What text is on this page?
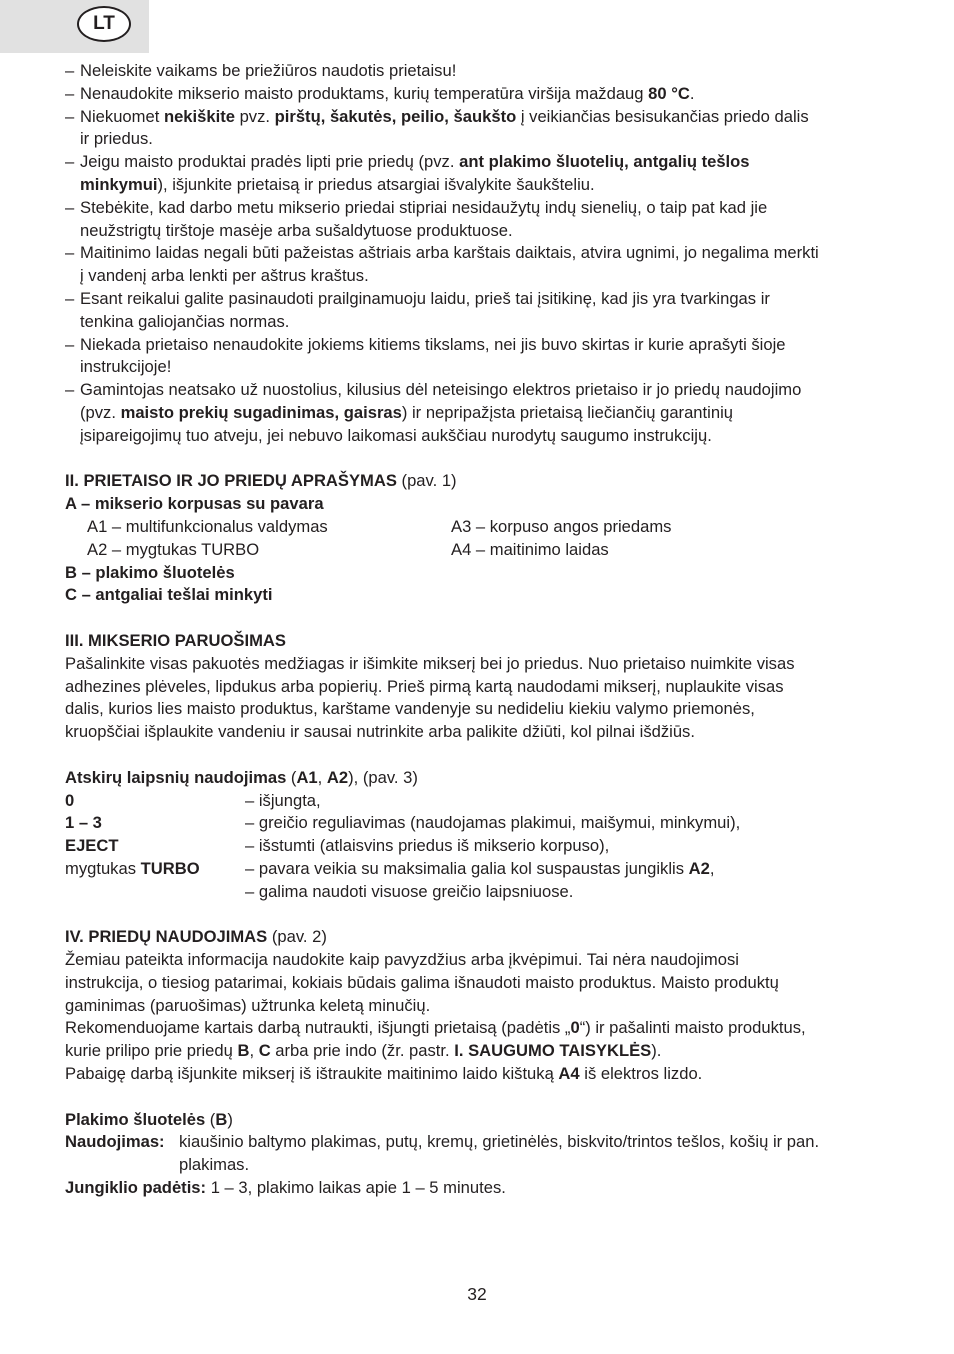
LT
– Neleiskite vaikams be priežiūros naudotis prietaisu!
– Nenaudokite mikserio maisto produktams, kurių temperatūra viršija maždaug 80 °C.
– Niekuomet nekiškite pvz. pirštų, šakutės, peilio, šaukšto į veikiančias besisukančias priedo dalis
ir priedus.
– Jeigu maisto produktai pradės lipti prie priedų (pvz. ant plakimo šluotelių, antgalių tešlos
minkymui), išjunkite prietaisą ir priedus atsargiai išvalykite šaukšteliu.
– Stebėkite, kad darbo metu mikserio priedai stipriai nesidaužytų indų sienelių, o taip pat kad jie
neužstrigtų tirštoje masėje arba sušaldytuose produktuose.
– Maitinimo laidas negali būti pažeistas aštriais arba karštais daiktais, atvira ugnimi, jo negalima merkti
į vandenį arba lenkti per aštrus kraštus.
– Esant reikalui galite pasinaudoti prailginamuoju laidu, prieš tai įsitikinę, kad jis yra tvarkingas ir
tenkina galiojančias normas.
– Niekada prietaiso nenaudokite jokiems kitiems tikslams, nei jis buvo skirtas ir kurie aprašyti šioje
instrukcijoje!
– Gamintojas neatsako už nuostolius, kilusius dėl neteisingo elektros prietaiso ir jo priedų naudojimo
(pvz. maisto prekių sugadinimas, gaisras) ir nepripažįsta prietaisą liečiančių garantinių
įsipareigojimų tuo atveju, jei nebuvo laikomasi aukščiau nurodytų saugumo instrukcijų.
II. PRIETAISO IR JO PRIEDŲ APRAŠYMAS (pav. 1)
A – mikserio korpusas su pavara
A1 – multifunkcionalus valdymas	A3 – korpuso angos priedams
A2 – mygtukas TURBO	A4 – maitinimo laidas
B – plakimo šluotelės
C – antgaliai tešlai minkyti
III. MIKSERIO PARUOŠIMAS
Pašalinkite visas pakuotės medžiagas ir išimkite mikserį bei jo priedus. Nuo prietaiso nuimkite visas
adhezines plėveles, lipdukus arba popierių. Prieš pirmą kartą naudodami mikserį, nuplaukite visas
dalis, kurios lies maisto produktus, karštame vandenyje su nedideliu kiekiu valymo priemonės,
kruopščiai išplaukite vandeniu ir sausai nutrinkite arba palikite džiūti, kol pilnai išdžiūs.
Atskirų laipsnių naudojimas (A1, A2), (pav. 3)
0	– išjungta,
1 – 3	– greičio reguliavimas (naudojamas plakimui, maišymui, minkymui),
EJECT	– išstumti (atlaisvins priedus iš mikserio korpuso),
mygtukas TURBO	– pavara veikia su maksimalia galia kol suspaustas jungiklis A2,
– galima naudoti visuose greičio laipsniuose.
IV. PRIEDŲ NAUDOJIMAS (pav. 2)
Žemiau pateikta informacija naudokite kaip pavyzdžius arba įkvėpimui. Tai nėra naudojimosi
instrukcija, o tiesiog patarimai, kokiais būdais galima išnaudoti maisto produktus. Maisto produktų
gaminimas (paruošimas) užtrunka keletą minučių.
Rekomenduojame kartais darbą nutraukti, išjungti prietaisą (padėtis „0“) ir pašalinti maisto produktus,
kurie prilipo prie priedų B, C arba prie indo (žr. pastr. I. SAUGUMO TAISYKLĖS).
Pabaigę darbą išjunkite mikserį iš ištraukite maitinimo laido kištuką A4 iš elektros lizdo.
Plakimo šluotelės (B)
Naudojimas: kiaušinio baltymo plakimas, putų, kremų, grietinėlės, biskvito/trintos tešlos, košių ir pan.
plakimas.
Jungiklio padėtis: 1 – 3, plakimo laikas apie 1 – 5 minutes.
32
